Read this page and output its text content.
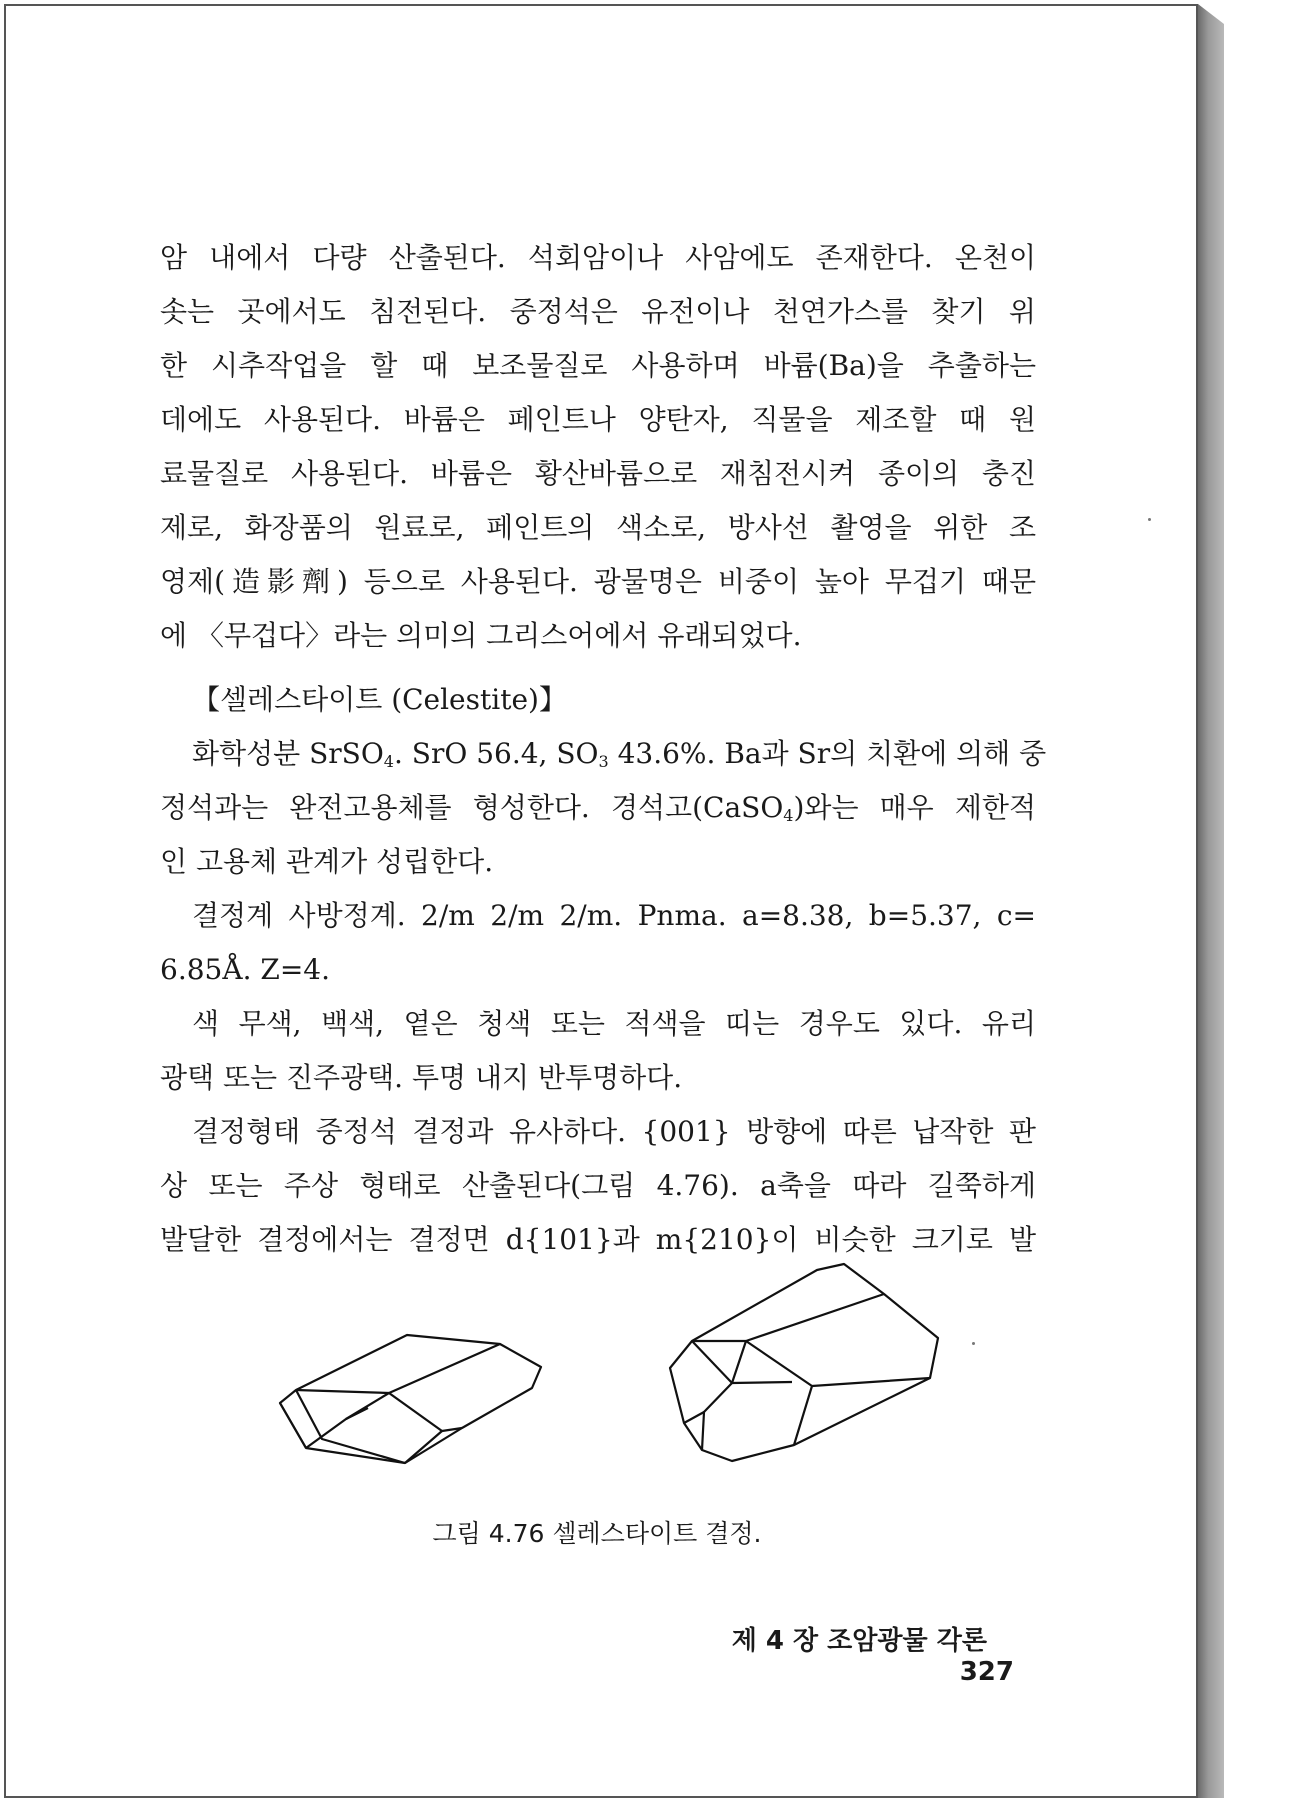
암 내에서 다량 산출된다. 석회암이나 사암에도 존재한다. 온천이
솟는 곳에서도 침전된다. 중정석은 유전이나 천연가스를 찾기 위
한 시추작업을 할 때 보조물질로 사용하며 바륨(Ba)을 추출하는
데에도 사용된다. 바륨은 페인트나 양탄자, 직물을 제조할 때 원
료물질로 사용된다. 바륨은 황산바륨으로 재침전시켜 종이의 충진
제로, 화장품의 원료로, 페인트의 색소로, 방사선 촬영을 위한 조
영제(造影劑) 등으로 사용된다. 광물명은 비중이 높아 무겁기 때문
에 〈무겁다〉라는 의미의 그리스어에서 유래되었다.
【셀레스타이트 (Celestite)】
화학성분 SrSO$_4$. SrO 56.4, $SO_3$ 43.6%. Ba과 Sr의 치환에 의해 중
정석과는 완전고용체를 형성한다. 경석고(CaSO$_4$)와는 매우 제한적
인 고용체 관계가 성립한다.
결정계 사방정계. 2/m 2/m 2/m. Pnma. a=8.38, b=5.37, c=
6.85Å. Z=4.
색 무색, 백색, 옅은 청색 또는 적색을 띠는 경우도 있다. 유리
광택 또는 진주광택. 투명 내지 반투명하다.
결정형태 중정석 결정과 유사하다. {001} 방향에 따른 납작한 판
상 또는 주상 형태로 산출된다(그림 4.76). a축을 따라 길쭉하게
발달한 결정에서는 결정면 d{101}과 m{210}이 비슷한 크기로 발
그림 4.76 셀레스타이트 결정.
제 4 장 조암광물 각론  327
